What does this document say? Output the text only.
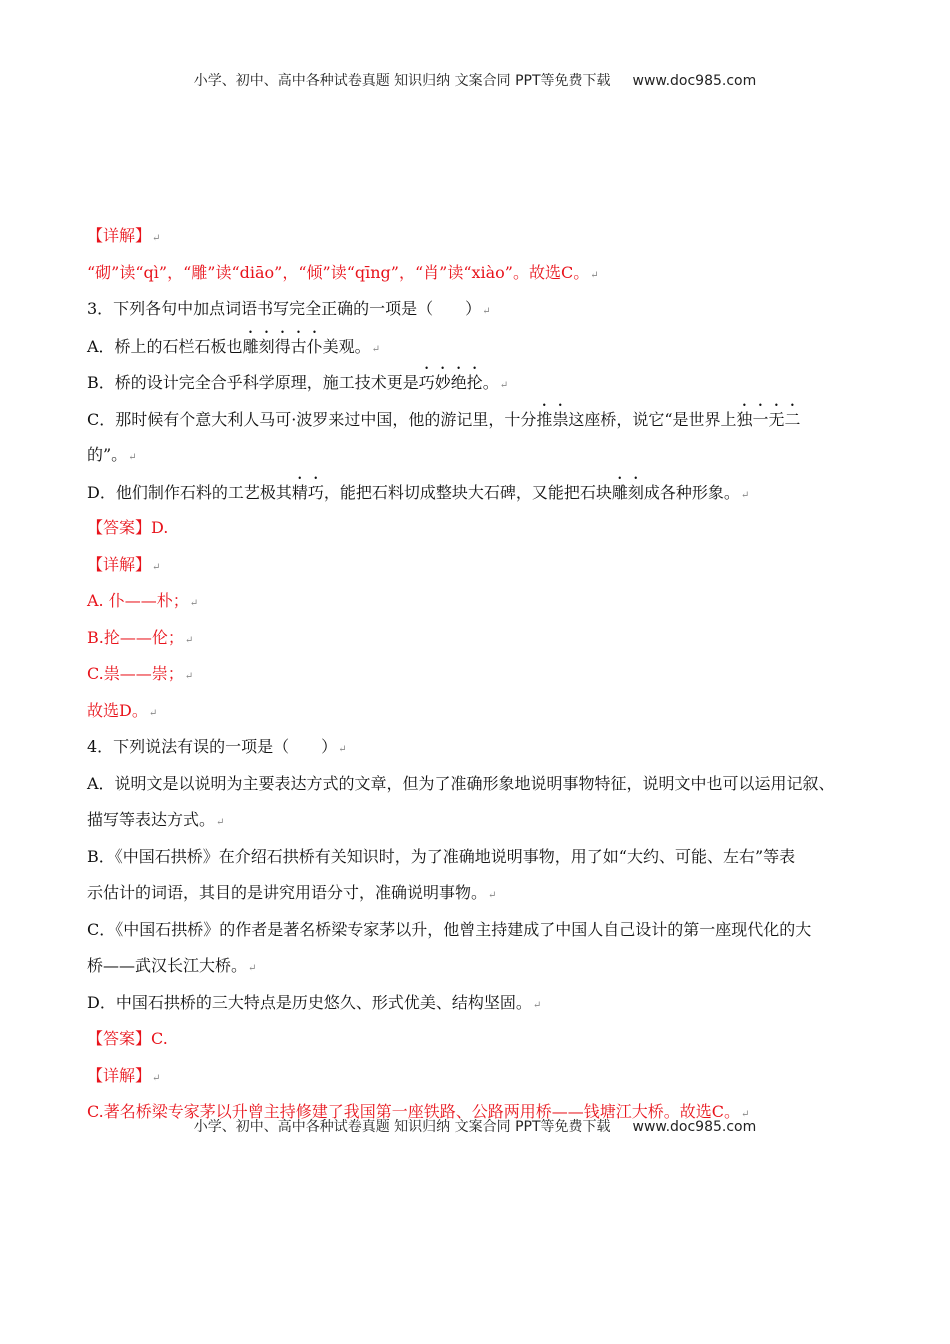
小学、初中、高中各种试卷真题 知识归纳 文案合同 PPT等免费下载 www.doc985.com
【详解】↵
“砌”读“qì”，“雕”读“diāo”，“倾”读“qīng”，“肖”读“xiào”。故选C。↵
3．下列各句中加点词语书写完全正确的一项是（　　）↵
A．桥上的石栏石板也雕刻得古仆美观。↵
B．桥的设计完全合乎科学原理，施工技术更是巧妙绝抡。↵
C．那时候有个意大利人马可·波罗来过中国，他的游记里，十分推祟这座桥，说它“是世界上独一无二
的”。↵
D．他们制作石料的工艺极其精巧，能把石料切成整块大石碑，又能把石块雕刻成各种形象。↵
【答案】D.
【详解】↵
A. 仆——朴；↵
B.抡——伦；↵
C.祟——崇；↵
故选D。↵
4．下列说法有误的一项是（　　）↵
A．说明文是以说明为主要表达方式的文章，但为了准确形象地说明事物特征，说明文中也可以运用记叙、
描写等表达方式。↵
B．《中国石拱桥》在介绍石拱桥有关知识时，为了准确地说明事物，用了如“大约、可能、左右”等表
示估计的词语，其目的是讲究用语分寸，准确说明事物。↵
C．《中国石拱桥》的作者是著名桥梁专家茅以升，他曾主持建成了中国人自己设计的第一座现代化的大
桥——武汉长江大桥。↵
D．中国石拱桥的三大特点是历史悠久、形式优美、结构坚固。↵
【答案】C.
【详解】↵
C.著名桥梁专家茅以升曾主持修建了我国第一座铁路、公路两用桥——钱塘江大桥。故选C。↵
小学、初中、高中各种试卷真题 知识归纳 文案合同 PPT等免费下载 www.doc985.com
